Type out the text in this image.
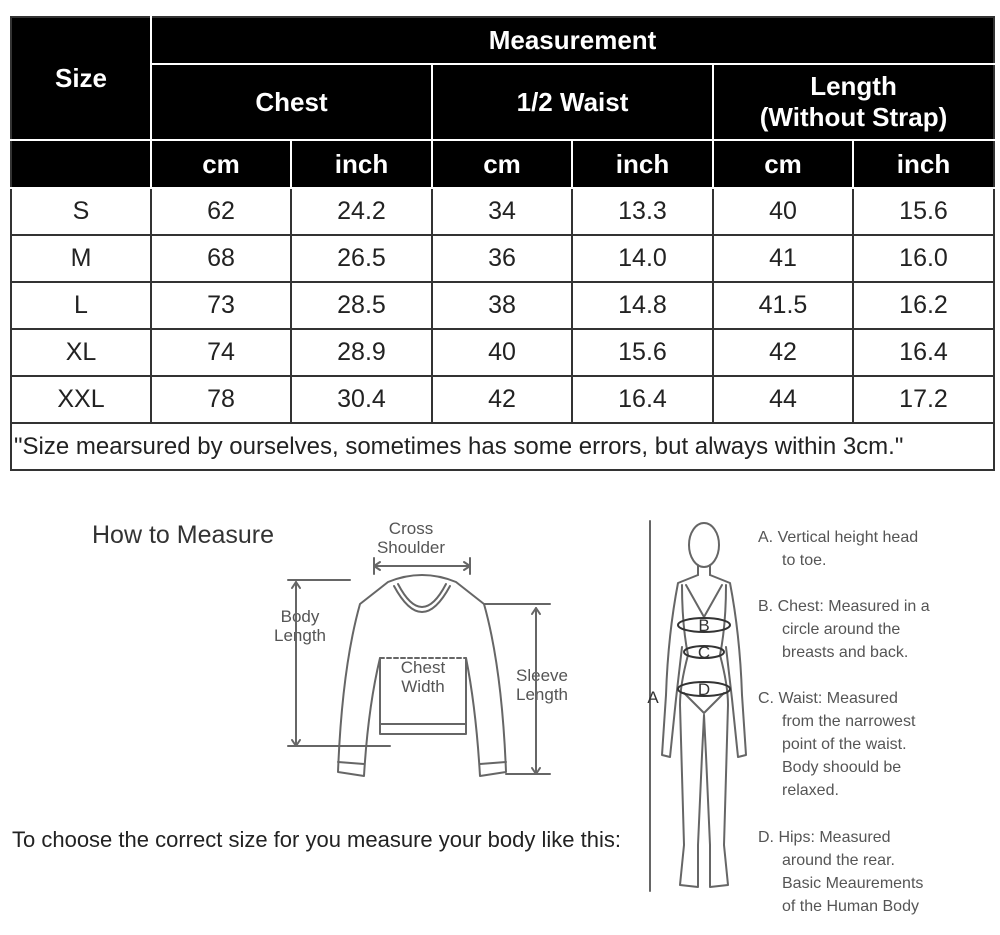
Size	Measurement					
	Chest		1/2 Waist		Length
(Without Strap)	

	cm	inch	cm	inch	cm	inch
S	62	24.2	34	13.3	40	15.6
M	68	26.5	36	14.0	41	16.0
L	73	28.5	38	14.8	41.5	16.2
XL	74	28.9	40	15.6	42	16.4
XXL	78	30.4	42	16.4	44	17.2
"Size mearsured by ourselves, sometimes has some errors, but always within 3cm."						
How to Measure	Cross
Shoulder
Body
Length
Chest
Width
Sleeve
Length
To choose the correct size for you measure your body like this:
B
C
D
A
A. Vertical height head
to toe.
B. Chest: Measured in a
circle around the
breasts and back.
C. Waist: Measured
from the narrowest
point of the waist.
Body shoould be
relaxed.
D. Hips: Measured
around the rear.
Basic Meaurements
of the Human Body
